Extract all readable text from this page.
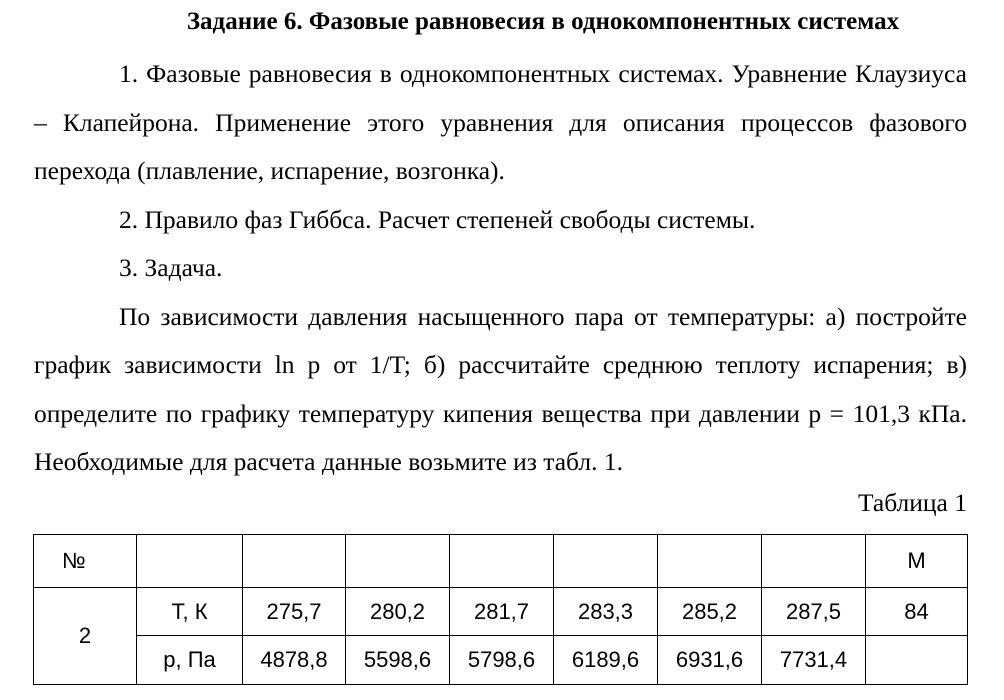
Задание 6. Фазовые равновесия в однокомпонентных системах

1. Фазовые равновесия в однокомпонентных системах. Уравнение Клаузиуса – Клапейрона. Применение этого уравнения для описания процессов фазового перехода (плавление, испарение, возгонка).

2. Правило фаз Гиббса. Расчет степеней свободы системы.

3. Задача.

По зависимости давления насыщенного пара от температуры: а) постройте график зависимости ln p от 1/T; б) рассчитайте среднюю теплоту испарения; в) определите по графику температуру кипения вещества при давлении p = 101,3 кПа. Необходимые для расчета данные возьмите из табл. 1.

Таблица 1
№								М
2	Т, К	275,7	280,2	281,7	283,3	285,2	287,5	84
	р, Па	4878,8	5598,6	5798,6	6189,6	6931,6	7731,4	
